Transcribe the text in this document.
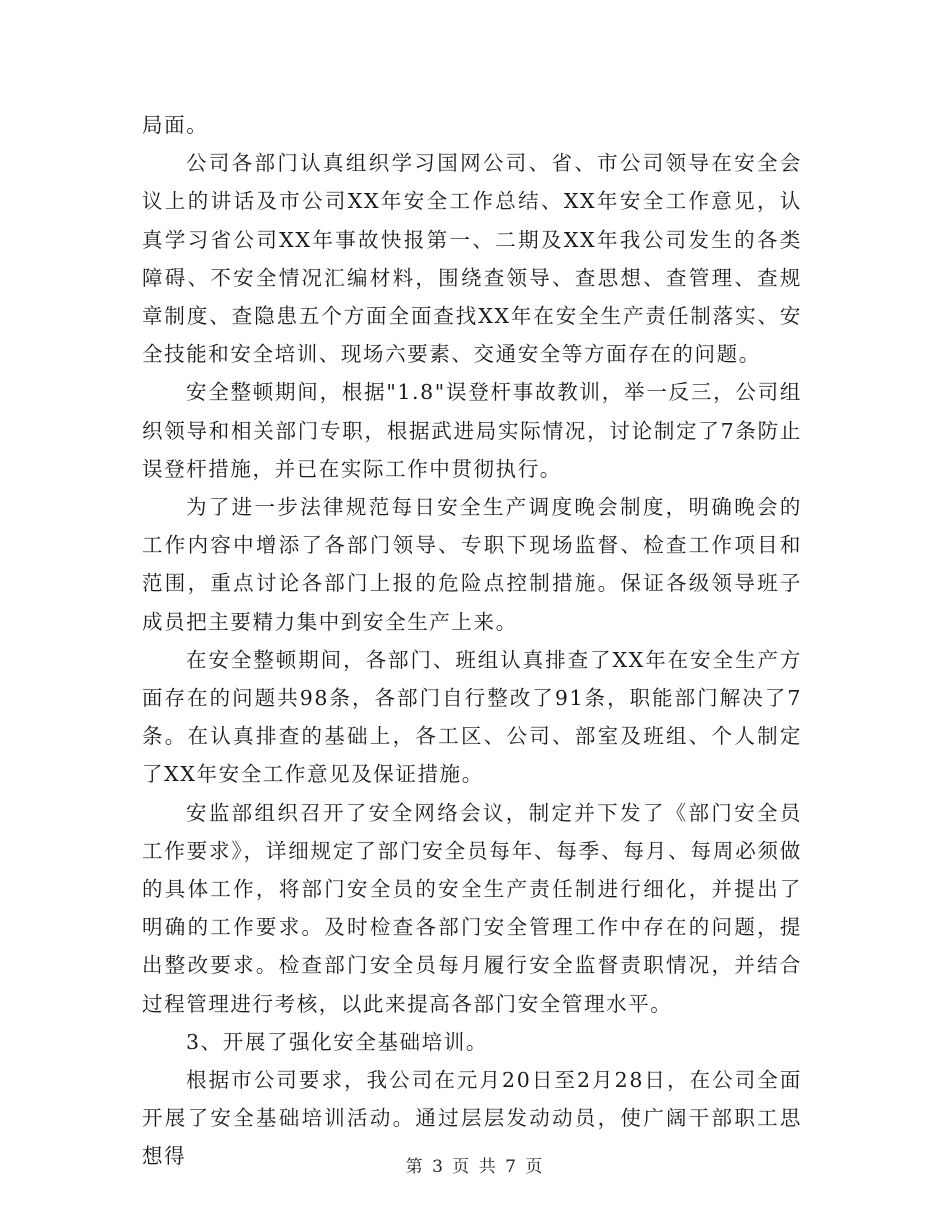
局面。

公司各部门认真组织学习国网公司、省、市公司领导在安全会议上的讲话及市公司XX年安全工作总结、XX年安全工作意见，认真学习省公司XX年事故快报第一、二期及XX年我公司发生的各类障碍、不安全情况汇编材料，围绕查领导、查思想、查管理、查规章制度、查隐患五个方面全面查找XX年在安全生产责任制落实、安全技能和安全培训、现场六要素、交通安全等方面存在的问题。

安全整顿期间，根据"1.8"误登杆事故教训，举一反三，公司组织领导和相关部门专职，根据武进局实际情况，讨论制定了7条防止误登杆措施，并已在实际工作中贯彻执行。

为了进一步法律规范每日安全生产调度晚会制度，明确晚会的工作内容中增添了各部门领导、专职下现场监督、检查工作项目和范围，重点讨论各部门上报的危险点控制措施。保证各级领导班子成员把主要精力集中到安全生产上来。

在安全整顿期间，各部门、班组认真排查了XX年在安全生产方面存在的问题共98条，各部门自行整改了91条，职能部门解决了7条。在认真排查的基础上，各工区、公司、部室及班组、个人制定了XX年安全工作意见及保证措施。

安监部组织召开了安全网络会议，制定并下发了《部门安全员工作要求》，详细规定了部门安全员每年、每季、每月、每周必须做的具体工作，将部门安全员的安全生产责任制进行细化，并提出了明确的工作要求。及时检查各部门安全管理工作中存在的问题，提出整改要求。检查部门安全员每月履行安全监督责职情况，并结合过程管理进行考核，以此来提高各部门安全管理水平。

3、开展了强化安全基础培训。

根据市公司要求，我公司在元月20日至2月28日，在公司全面开展了安全基础培训活动。通过层层发动动员，使广阔干部职工思想得	第 3 页 共 7 页
